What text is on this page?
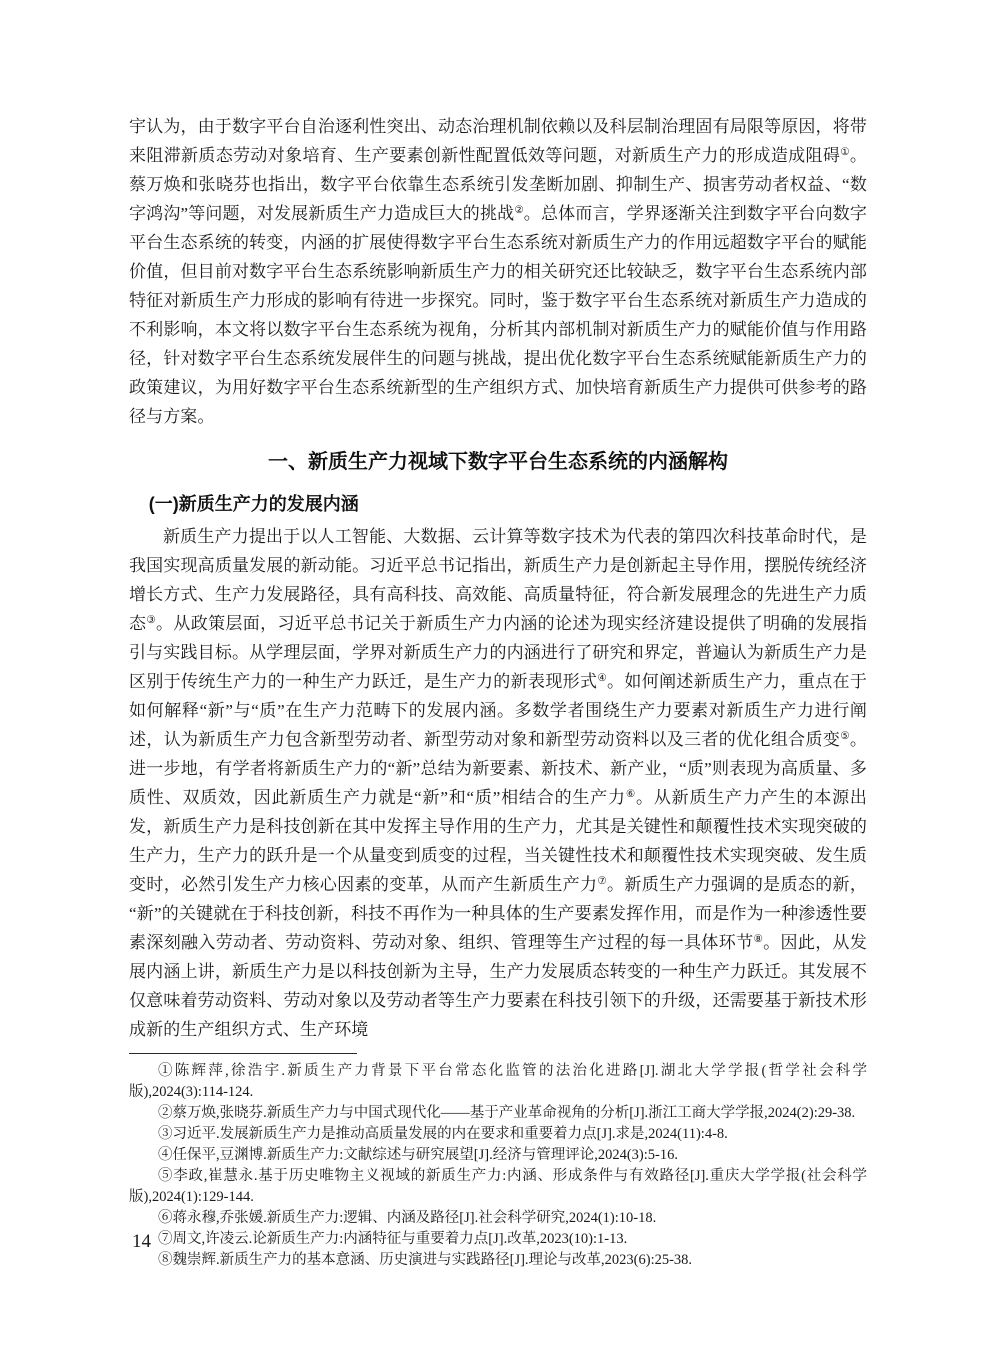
宇认为，由于数字平台自治逐利性突出、动态治理机制依赖以及科层制治理固有局限等原因，将带来阻滞新质态劳动对象培育、生产要素创新性配置低效等问题，对新质生产力的形成造成阻碍①。蔡万焕和张晓芬也指出，数字平台依靠生态系统引发垄断加剧、抑制生产、损害劳动者权益、“数字鸿沟”等问题，对发展新质生产力造成巨大的挑战②。总体而言，学界逐渐关注到数字平台向数字平台生态系统的转变，内涵的扩展使得数字平台生态系统对新质生产力的作用远超数字平台的赋能价值，但目前对数字平台生态系统影响新质生产力的相关研究还比较缺乏，数字平台生态系统内部特征对新质生产力形成的影响有待进一步探究。同时，鉴于数字平台生态系统对新质生产力造成的不利影响，本文将以数字平台生态系统为视角，分析其内部机制对新质生产力的赋能价值与作用路径，针对数字平台生态系统发展伴生的问题与挑战，提出优化数字平台生态系统赋能新质生产力的政策建议，为用好数字平台生态系统新型的生产组织方式、加快培育新质生产力提供可供参考的路径与方案。

一、新质生产力视域下数字平台生态系统的内涵解构
(一)新质生产力的发展内涵

新质生产力提出于以人工智能、大数据、云计算等数字技术为代表的第四次科技革命时代，是我国实现高质量发展的新动能。习近平总书记指出，新质生产力是创新起主导作用，摆脱传统经济增长方式、生产力发展路径，具有高科技、高效能、高质量特征，符合新发展理念的先进生产力质态③。从政策层面，习近平总书记关于新质生产力内涵的论述为现实经济建设提供了明确的发展指引与实践目标。从学理层面，学界对新质生产力的内涵进行了研究和界定，普遍认为新质生产力是区别于传统生产力的一种生产力跃迁，是生产力的新表现形式④。如何阐述新质生产力，重点在于如何解释“新”与“质”在生产力范畴下的发展内涵。多数学者围绕生产力要素对新质生产力进行阐述，认为新质生产力包含新型劳动者、新型劳动对象和新型劳动资料以及三者的优化组合质变⑤。进一步地，有学者将新质生产力的“新”总结为新要素、新技术、新产业，“质”则表现为高质量、多质性、双质效，因此新质生产力就是“新”和“质”相结合的生产力⑥。从新质生产力产生的本源出发，新质生产力是科技创新在其中发挥主导作用的生产力，尤其是关键性和颠覆性技术实现突破的生产力，生产力的跃升是一个从量变到质变的过程，当关键性技术和颠覆性技术实现突破、发生质变时，必然引发生产力核心因素的变革，从而产生新质生产力⑦。新质生产力强调的是质态的新，“新”的关键就在于科技创新，科技不再作为一种具体的生产要素发挥作用，而是作为一种渗透性要素深刻融入劳动者、劳动资料、劳动对象、组织、管理等生产过程的每一具体环节⑧。因此，从发展内涵上讲，新质生产力是以科技创新为主导，生产力发展质态转变的一种生产力跃迁。其发展不仅意味着劳动资料、劳动对象以及劳动者等生产力要素在科技引领下的升级，还需要基于新技术形成新的生产组织方式、生产环境

①陈辉萍,徐浩宇.新质生产力背景下平台常态化监管的法治化进路[J].湖北大学学报(哲学社会科学版),2024(3):114-124.

②蔡万焕,张晓芬.新质生产力与中国式现代化——基于产业革命视角的分析[J].浙江工商大学学报,2024(2):29-38.

③习近平.发展新质生产力是推动高质量发展的内在要求和重要着力点[J].求是,2024(11):4-8.

④任保平,豆渊博.新质生产力:文献综述与研究展望[J].经济与管理评论,2024(3):5-16.

⑤李政,崔慧永.基于历史唯物主义视域的新质生产力:内涵、形成条件与有效路径[J].重庆大学学报(社会科学版),2024(1):129-144.

⑥蒋永穆,乔张媛.新质生产力:逻辑、内涵及路径[J].社会科学研究,2024(1):10-18.

⑦周文,许凌云.论新质生产力:内涵特征与重要着力点[J].改革,2023(10):1-13.

⑧魏崇辉.新质生产力的基本意涵、历史演进与实践路径[J].理论与改革,2023(6):25-38.

14
